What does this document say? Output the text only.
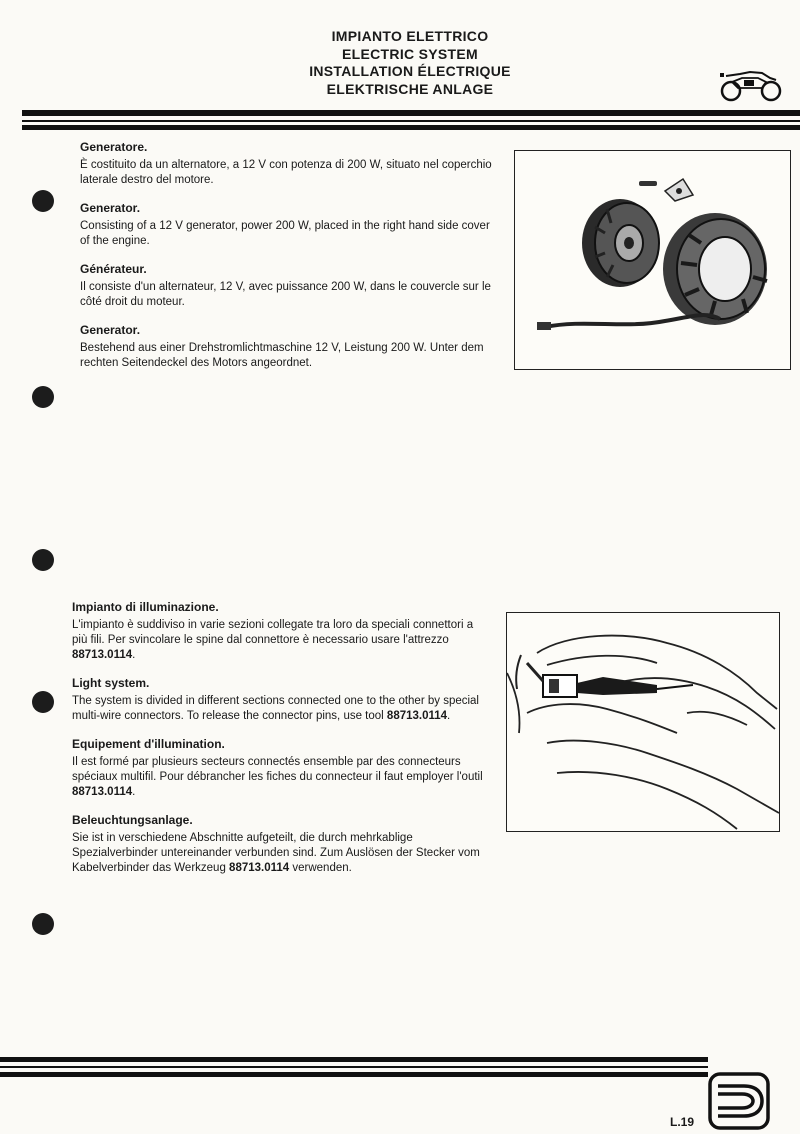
IMPIANTO ELETTRICO
ELECTRIC SYSTEM
INSTALLATION ÉLECTRIQUE
ELEKTRISCHE ANLAGE
Generatore.

È costituito da un alternatore, a 12 V con potenza di 200 W, situato nel coperchio laterale destro del motore.

Generator.

Consisting of a 12 V generator, power 200 W, placed in the right hand side cover of the engine.

Générateur.

Il consiste d'un alternateur, 12 V, avec puissance 200 W, dans le couvercle sur le côté droit du moteur.

Generator.

Bestehend aus einer Drehstromlichtmaschine 12 V, Leistung 200 W. Unter dem rechten Seitendeckel des Motors angeordnet.

Impianto di illuminazione.

L'impianto è suddiviso in varie sezioni collegate tra loro da speciali connettori a più fili. Per svincolare le spine dal connettore è necessario usare l'attrezzo 88713.0114.

Light system.

The system is divided in different sections connected one to the other by special multi-wire connectors. To release the connector pins, use tool 88713.0114.

Equipement d'illumination.

Il est formé par plusieurs secteurs connectés ensemble par des connecteurs spéciaux multifil. Pour débrancher les fiches du connecteur il faut employer l'outil 88713.0114.

Beleuchtungsanlage.

Sie ist in verschiedene Abschnitte aufgeteilt, die durch mehrkablige Spezialverbinder untereinander verbunden sind. Zum Auslösen der Stecker vom Kabelverbinder das Werkzeug 88713.0114 verwenden.

L.19
